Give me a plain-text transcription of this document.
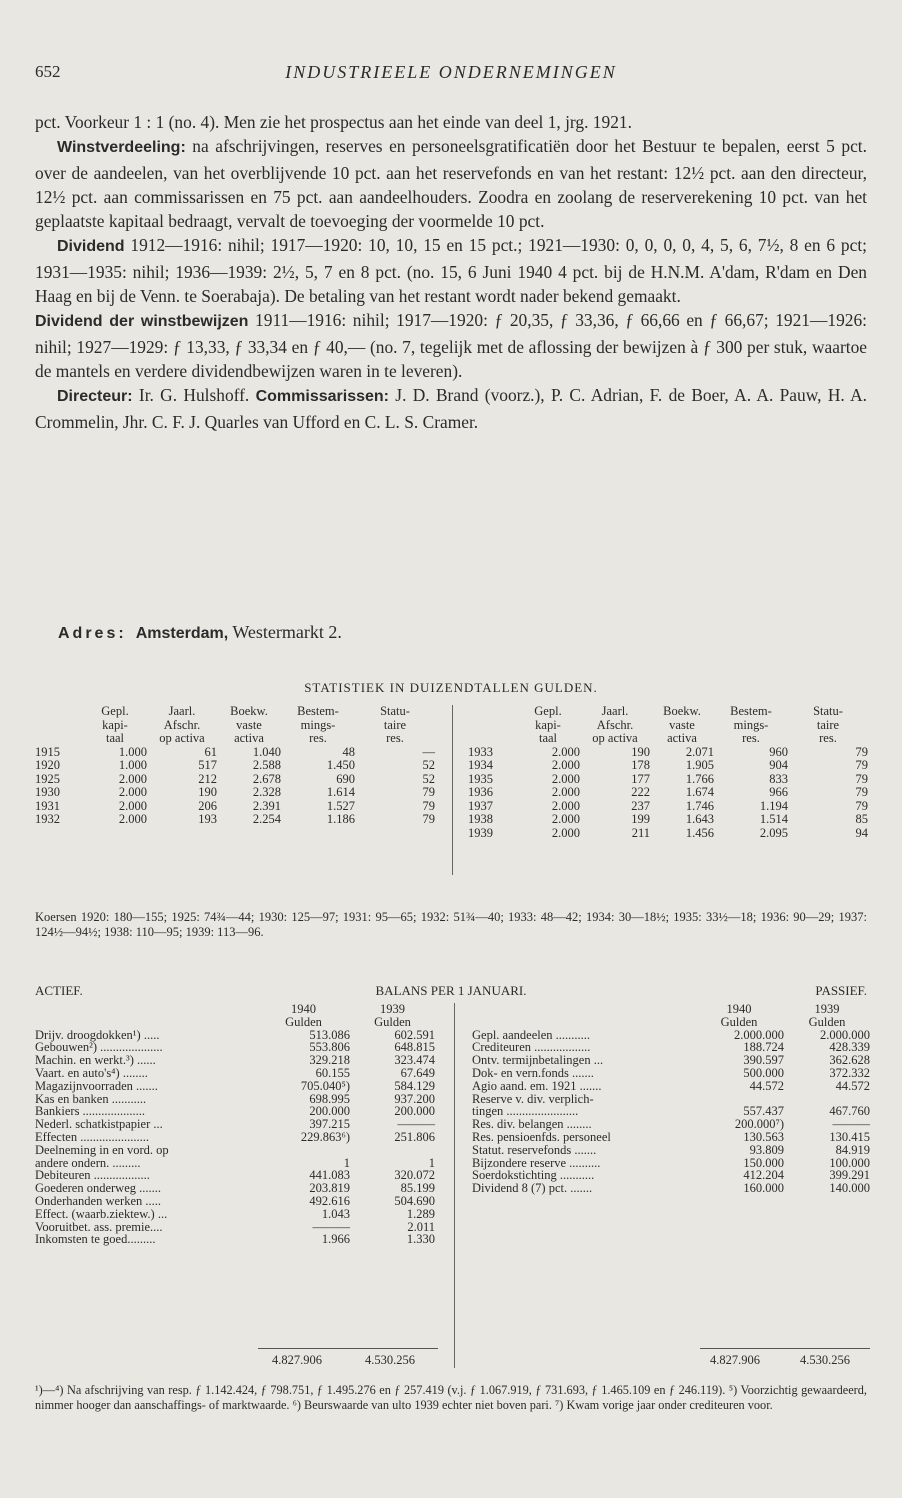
652	INDUSTRIEELE ONDERNEMINGEN

pct. Voorkeur 1 : 1 (no. 4). Men zie het prospectus aan het einde van deel 1, jrg. 1921.

Winstverdeeling: na afschrijvingen, reserves en personeelsgratificatiën door het Bestuur te bepalen, eerst 5 pct. over de aandeelen, van het overblijvende 10 pct. aan het reservefonds en van het restant: 12½ pct. aan den directeur, 12½ pct. aan commissarissen en 75 pct. aan aandeelhouders. Zoodra en zoolang de reserverekening 10 pct. van het geplaatste kapitaal bedraagt, vervalt de toevoeging der voormelde 10 pct.

Dividend 1912—1916: nihil; 1917—1920: 10, 10, 15 en 15 pct.; 1921—1930: 0, 0, 0, 0, 4, 5, 6, 7½, 8 en 6 pct; 1931—1935: nihil; 1936—1939: 2½, 5, 7 en 8 pct. (no. 15, 6 Juni 1940 4 pct. bij de H.N.M. A'dam, R'dam en Den Haag en bij de Venn. te Soerabaja). De betaling van het restant wordt nader bekend gemaakt.

Dividend der winstbewijzen 1911—1916: nihil; 1917—1920: ƒ 20,35, ƒ 33,36, ƒ 66,66 en ƒ 66,67; 1921—1926: nihil; 1927—1929: ƒ 13,33, ƒ 33,34 en ƒ 40,— (no. 7, tegelijk met de aflossing der bewijzen à ƒ 300 per stuk, waartoe de mantels en verdere dividendbewijzen waren in te leveren).

Directeur: Ir. G. Hulshoff. Commissarissen: J. D. Brand (voorz.), P. C. Adrian, F. de Boer, A. A. Pauw, H. A. Crommelin, Jhr. C. F. J. Quarles van Ufford en C. L. S. Cramer.

Adres: Amsterdam, Westermarkt 2.
STATISTIEK IN DUIZENDTALLEN GULDEN.
	Gepl.	Jaarl.	Boekw.	Bestem-	Statu-
	kapi-	Afschr.	vaste	mings-	taire
	taal	op activa	activa	res.	res.
1915	1.000	61	1.040	48	—
1920	1.000	517	2.588	1.450	52
1925	2.000	212	2.678	690	52
1930	2.000	190	2.328	1.614	79
1931	2.000	206	2.391	1.527	79
1932	2.000	193	2.254	1.186	79
	Gepl.	Jaarl.	Boekw.	Bestem-	Statu-
	kapi-	Afschr.	vaste	mings-	taire
	taal	op activa	activa	res.	res.
1933	2.000	190	2.071	960	79
1934	2.000	178	1.905	904	79
1935	2.000	177	1.766	833	79
1936	2.000	222	1.674	966	79
1937	2.000	237	1.746	1.194	79
1938	2.000	199	1.643	1.514	85
1939	2.000	211	1.456	2.095	94
Koersen 1920: 180—155; 1925: 74¾—44; 1930: 125—97; 1931: 95—65; 1932: 51¾—40; 1933: 48—42; 1934: 30—18½; 1935: 33½—18; 1936: 90—29; 1937: 124½—94½; 1938: 110—95; 1939: 113—96.
ACTIEF.	BALANS PER 1 JANUARI.	PASSIEF.
	1940	1939
	Gulden	Gulden
Drijv. droogdokken¹) .....	513.086	602.591
Gebouwen²) ....................	553.806	648.815
Machin. en werkt.³) ......	329.218	323.474
Vaart. en auto's⁴) ........	60.155	67.649
Magazijnvoorraden .......	705.040⁵)	584.129
Kas en banken ...........	698.995	937.200
Bankiers ....................	200.000	200.000
Nederl. schatkistpapier ...	397.215	———
Effecten ......................	229.863⁶)	251.806
Deelneming in en vord. op		
andere ondern. .........	1	1
Debiteuren ..................	441.083	320.072
Goederen onderweg .......	203.819	85.199
Onderhanden werken .....	492.616	504.690
Effect. (waarb.ziektew.) ...	1.043	1.289
Vooruitbet. ass. premie....	———	2.011
Inkomsten te goed.........	1.966	1.330
	1940	1939
	Gulden	Gulden
Gepl. aandeelen ...........	2.000.000	2.000.000
Crediteuren ..................	188.724	428.339
Ontv. termijnbetalingen ...	390.597	362.628
Dok- en vern.fonds .......	500.000	372.332
Agio aand. em. 1921 .......	44.572	44.572
Reserve v. div. verplich-		
tingen .......................	557.437	467.760
Res. div. belangen ........	200.000⁷)	———
Res. pensioenfds. personeel	130.563	130.415
Statut. reservefonds .......	93.809	84.919
Bijzondere reserve ..........	150.000	100.000
Soerdokstichting ...........	412.204	399.291
Dividend 8 (7) pct. .......	160.000	140.000
4.827.906	4.530.256	4.827.906	4.530.256
¹)—⁴) Na afschrijving van resp. ƒ 1.142.424, ƒ 798.751, ƒ 1.495.276 en ƒ 257.419 (v.j. ƒ 1.067.919, ƒ 731.693, ƒ 1.465.109 en ƒ 246.119). ⁵) Voorzichtig gewaardeerd, nimmer hooger dan aanschaffings- of marktwaarde. ⁶) Beurswaarde van ulto 1939 echter niet boven pari. ⁷) Kwam vorige jaar onder crediteuren voor.
